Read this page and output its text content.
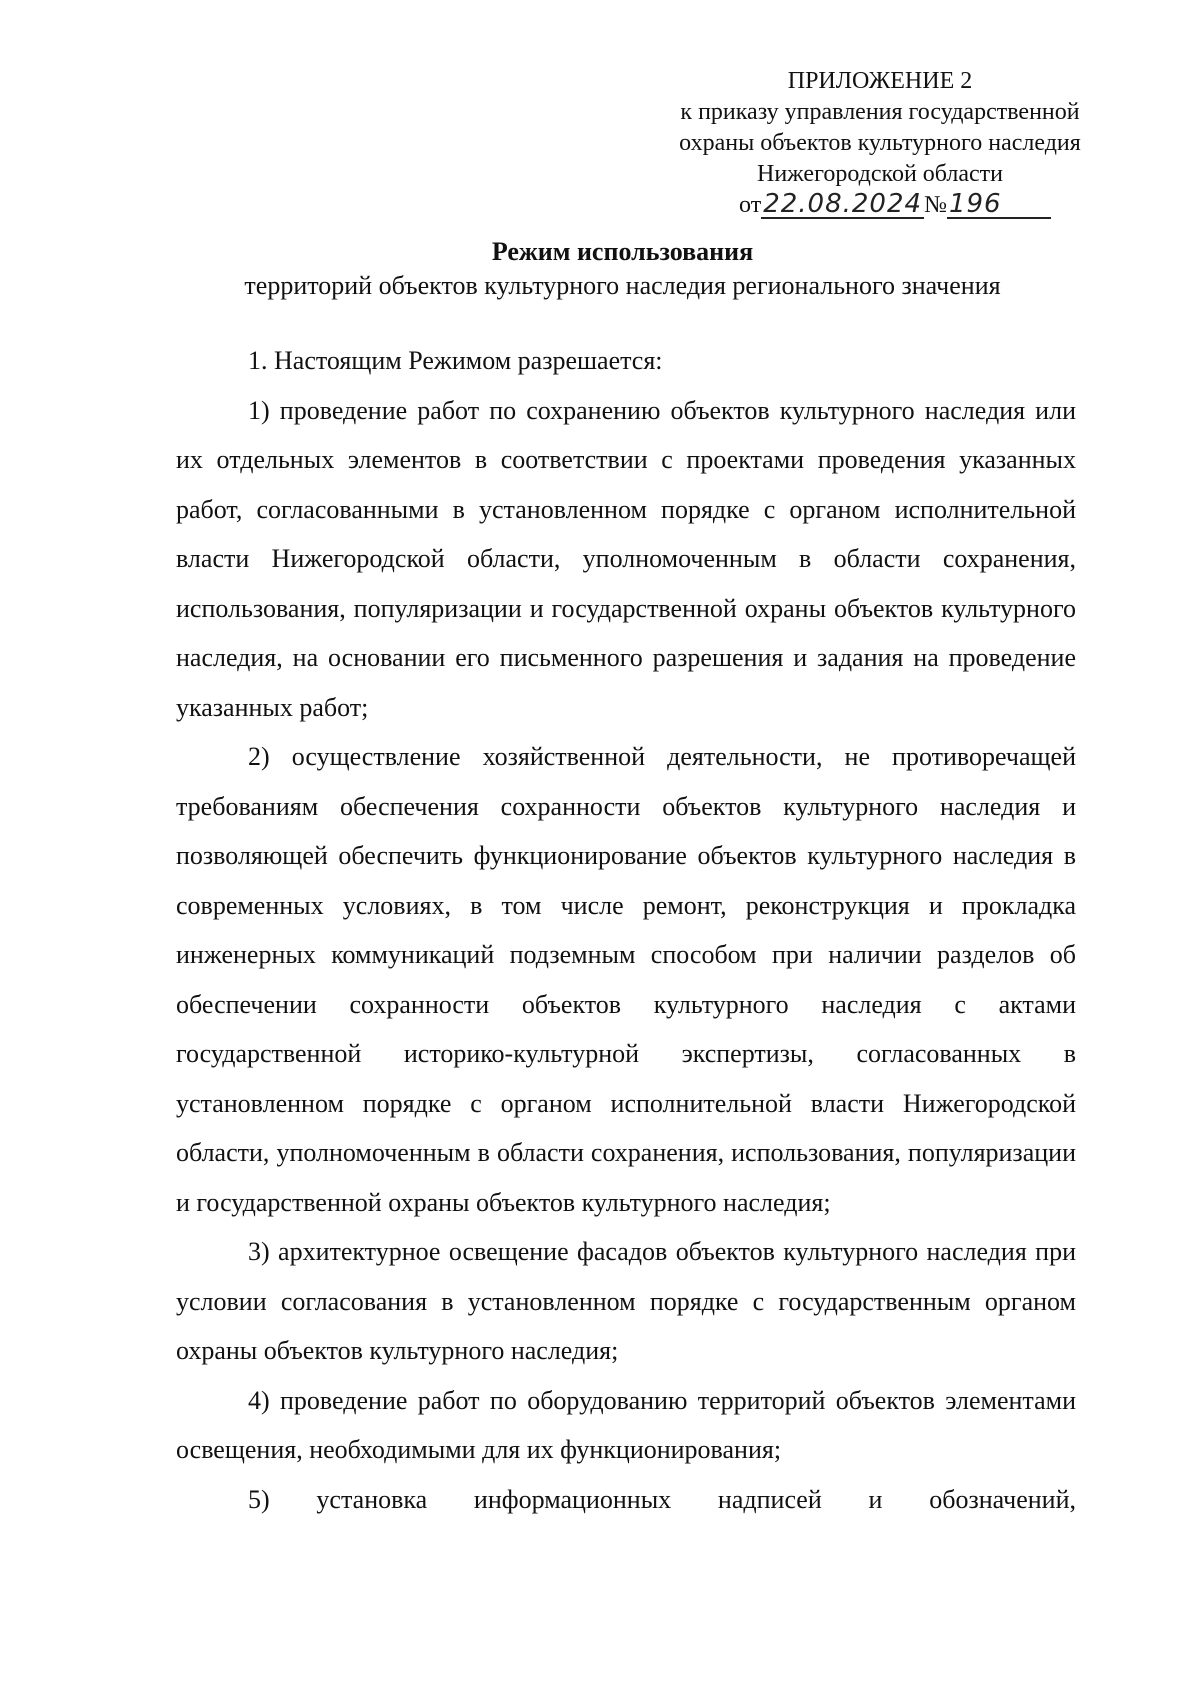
ПРИЛОЖЕНИЕ 2
к приказу управления государственной
охраны объектов культурного наследия
Нижегородской области
от22.08.2024№196
Режим использования
территорий объектов культурного наследия регионального значения

1. Настоящим Режимом разрешается:

1) проведение работ по сохранению объектов культурного наследия или их отдельных элементов в соответствии с проектами проведения указанных работ, согласованными в установленном порядке с органом исполнительной власти Нижегородской области, уполномоченным в области сохранения, использования, популяризации и государственной охраны объектов культурного наследия, на основании его письменного разрешения и задания на проведение указанных работ;

2) осуществление хозяйственной деятельности, не противоречащей требованиям обеспечения сохранности объектов культурного наследия и позволяющей обеспечить функционирование объектов культурного наследия в современных условиях, в том числе ремонт, реконструкция и прокладка инженерных коммуникаций подземным способом при наличии разделов об обеспечении сохранности объектов культурного наследия с актами государственной историко-культурной экспертизы, согласованных в установленном порядке с органом исполнительной власти Нижегородской области, уполномоченным в области сохранения, использования, популяризации и государственной охраны объектов культурного наследия;

3) архитектурное освещение фасадов объектов культурного наследия при условии согласования в установленном порядке с государственным органом охраны объектов культурного наследия;

4) проведение работ по оборудованию территорий объектов элементами освещения, необходимыми для их функционирования;

5) установка информационных надписей и обозначений,
